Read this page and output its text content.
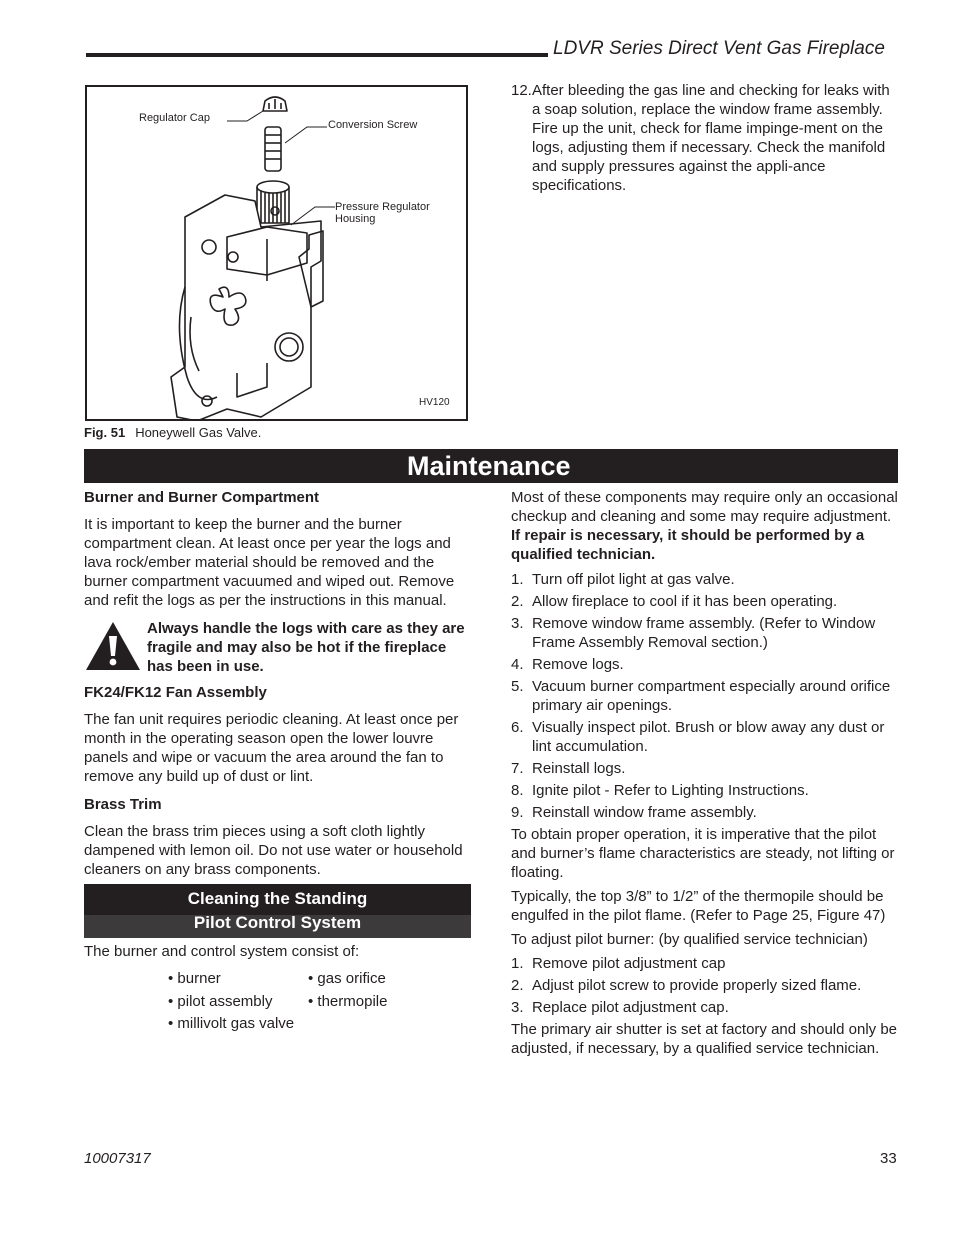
LDVR Series Direct Vent Gas Fireplace
Regulator Cap
Conversion Screw
Pressure Regulator
Housing
HV120
Fig. 51 Honeywell Gas Valve.
12. After bleeding the gas line and checking for leaks with a soap solution, replace the window frame assembly. Fire up the unit, check for flame impinge-ment on the logs, adjusting them if necessary. Check the manifold and supply pressures against the appli-ance specifications.
Maintenance
Burner and Burner Compartment

It is important to keep the burner and the burner compartment clean. At least once per year the logs and lava rock/ember material should be removed and the burner compartment vacuumed and wiped out. Remove and refit the logs as per the instructions in this manual.

Always handle the logs with care as they are fragile and may also be hot if the fireplace has been in use.
FK24/FK12 Fan Assembly

The fan unit requires periodic cleaning. At least once per month in the operating season open the lower louvre panels and wipe or vacuum the area around the fan to remove any build up of dust or lint.

Brass Trim

Clean the brass trim pieces using a soft cloth lightly dampened with lemon oil. Do not use water or household cleaners on any brass components.

Cleaning the Standing
Pilot Control System
The burner and control system consist of:
• burner	• gas orifice
• pilot assembly • thermopile
• millivolt gas valve

Most of these components may require only an occasional checkup and cleaning and some may require adjustment. If repair is necessary, it should be performed by a qualified technician.

1. Turn off pilot light at gas valve.
2. Allow fireplace to cool if it has been operating.
3. Remove window frame assembly. (Refer to Window Frame Assembly Removal section.)
4. Remove logs.
5. Vacuum burner compartment especially around orifice primary air openings.
6. Visually inspect pilot. Brush or blow away any dust or lint accumulation.
7. Reinstall logs.
8. Ignite pilot - Refer to Lighting Instructions.
9. Reinstall window frame assembly.

To obtain proper operation, it is imperative that the pilot and burner’s flame characteristics are steady, not lifting or floating.

Typically, the top 3/8” to 1/2” of the thermopile should be engulfed in the pilot flame. (Refer to Page 25, Figure 47)

To adjust pilot burner: (by qualified service technician)

1. Remove pilot adjustment cap
2. Adjust pilot screw to provide properly sized flame.
3. Replace pilot adjustment cap.

The primary air shutter is set at factory and should only be adjusted, if necessary, by a qualified service technician.

10007317	33
